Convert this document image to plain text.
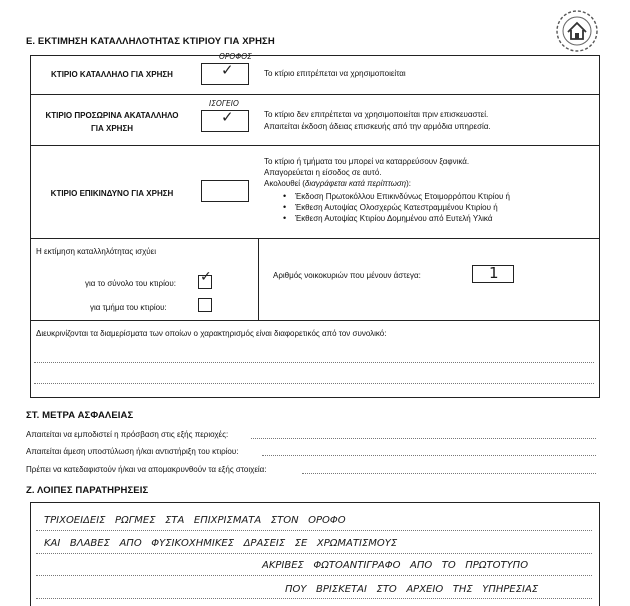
Ε. ΕΚΤΙΜΗΣΗ ΚΑΤΑΛΛΗΛΟΤΗΤΑΣ ΚΤΙΡΙΟΥ ΓΙΑ ΧΡΗΣΗ
ΚΤΙΡΙΟ ΚΑΤΑΛΛΗΛΟ ΓΙΑ ΧΡΗΣΗ
ΟΡΟΦΟΣ
✓	Το κτίριο επιτρέπεται να χρησιμοποιείται
ΚΤΙΡΙΟ ΠΡΟΣΩΡΙΝΑ ΑΚΑΤΑΛΛΗΛΟ
ΓΙΑ ΧΡΗΣΗ
ΙΣΟΓΕΙΟ
✓	Το κτίριο δεν επιτρέπεται να χρησιμοποιείται πριν επισκευαστεί.
Απαιτείται έκδοση άδειας επισκευής από την αρμόδια υπηρεσία.
ΚΤΙΡΙΟ ΕΠΙΚΙΝΔΥΝΟ ΓΙΑ ΧΡΗΣΗ
Το κτίριο ή τμήματα του μπορεί να καταρρεύσουν ξαφνικά.
Απαγορεύεται η είσοδος σε αυτό.
Ακολουθεί (διαγράφεται κατά περίπτωση):
• Έκδοση Πρωτοκόλλου Επικινδύνως Ετοιμορρόπου Κτιρίου ή
• Έκθεση Αυτοψίας Ολοσχερώς Κατεστραμμένου Κτιρίου ή
• Έκθεση Αυτοψίας Κτιρίου Δομημένου από Ευτελή Υλικά
Η εκτίμηση καταλληλότητας ισχύει
για το σύνολο του κτιρίου: ✓
για τμήμα του κτιρίου:
Αριθμός νοικοκυριών που μένουν άστεγα:	1
Διευκρινίζονται τα διαμερίσματα των οποίων ο χαρακτηρισμός είναι διαφορετικός από τον συνολικό:
ΣΤ. ΜΕΤΡΑ ΑΣΦΑΛΕΙΑΣ
Απαιτείται να εμποδιστεί η πρόσβαση στις εξής περιοχές:
Απαιτείται άμεση υποστύλωση ή/και αντιστήριξη του κτιρίου:
Πρέπει να κατεδαφιστούν ή/και να απομακρυνθούν τα εξής στοιχεία:
Ζ. ΛΟΙΠΕΣ ΠΑΡΑΤΗΡΗΣΕΙΣ
ΤΡΙΧΟΕΙΔΕΙΣ   ΡΩΓΜΕΣ   ΣΤΑ   ΕΠΙΧΡΙΣΜΑΤΑ   ΣΤΟΝ   ΟΡΟΦΟ
ΚΑΙ   ΒΛΑΒΕΣ   ΑΠΟ   ΦΥΣΙΚΟΧΗΜΙΚΕΣ   ΔΡΑΣΕΙΣ   ΣΕ   ΧΡΩΜΑΤΙΣΜΟΥΣ
ΑΚΡΙΒΕΣ   ΦΩΤΟΑΝΤΙΓΡΑΦΟ   ΑΠΟ   ΤΟ   ΠΡΩΤΟΤΥΠΟ
ΠΟΥ   ΒΡΙΣΚΕΤΑΙ   ΣΤΟ   ΑΡΧΕΙΟ   ΤΗΣ   ΥΠΗΡΕΣΙΑΣ
